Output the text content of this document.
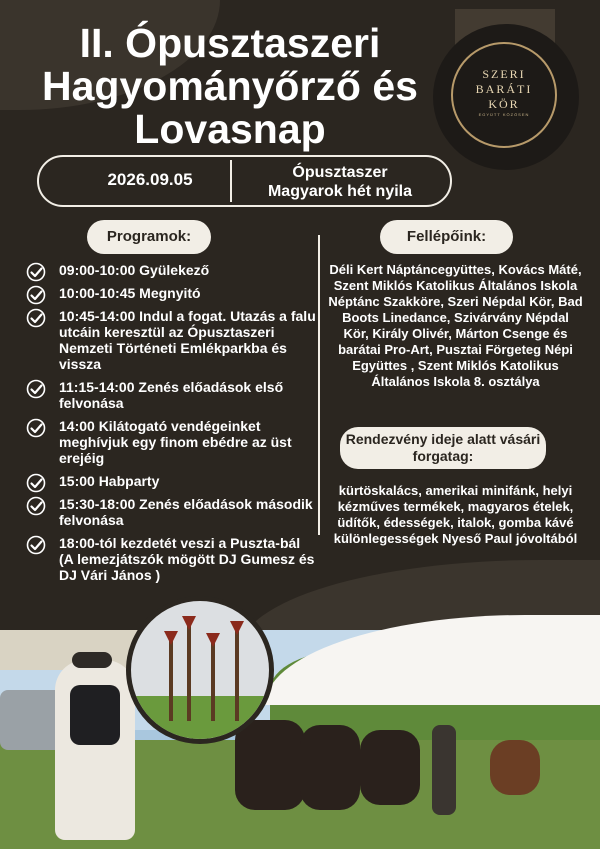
II. Ópusztaszeri Hagyományőrző és Lovasnap
SZERI
BARÁTI
KÖR
EGYÜTT KÖZÖSEN
2026.09.05	Ópusztaszer
Magyarok hét nyila
Programok:	Fellépőink:
09:00-10:00 Gyülekező
10:00-10:45 Megnyitó
10:45-14:00 Indul a fogat. Utazás a falu utcáin keresztül az Ópusztaszeri Nemzeti Történeti Emlékparkba és vissza
11:15-14:00 Zenés előadások első felvonása
14:00 Kilátogató vendégeinket meghívjuk egy finom ebédre az üst erejéig
15:00 Habparty
15:30-18:00 Zenés előadások második felvonása
18:00-tól kezdetét veszi a Puszta-bál (A lemezjátszók mögött DJ Gumesz és DJ Vári János )
Déli Kert Náptáncegyüttes, Kovács Máté, Szent Miklós Katolikus Általános Iskola Néptánc Szakköre, Szeri Népdal Kör, Bad Boots Linedance, Szivárvány Népdal Kör, Király Olivér, Márton Csenge és barátai Pro-Art, Pusztai Förgeteg Népi Együttes , Szent Miklós Katolikus Általános Iskola 8. osztálya
Rendezvény ideje alatt vásári forgatag:
kürtöskalács, amerikai minifánk, helyi kézműves termékek, magyaros ételek, üdítők, édességek, italok, gomba kávé különlegességek Nyeső Paul jóvoltából
